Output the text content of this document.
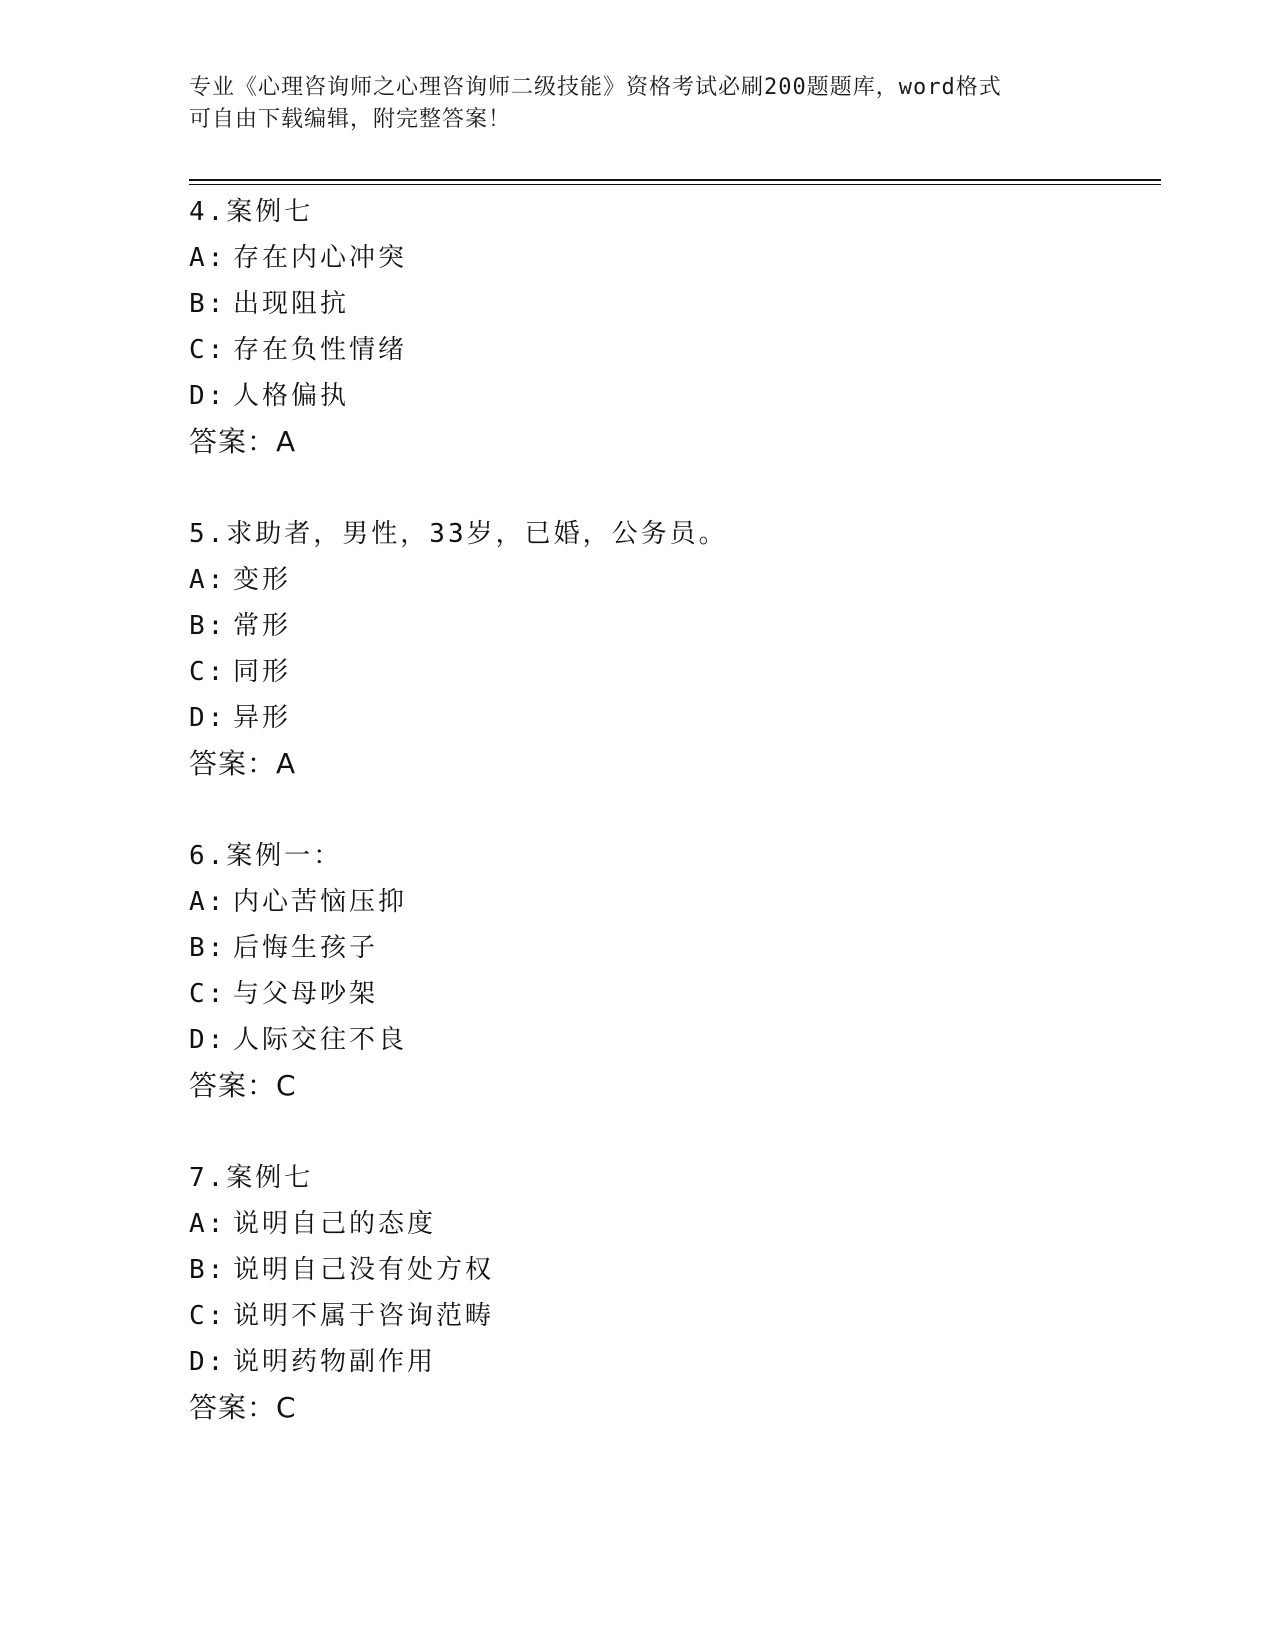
专业《心理咨询师之心理咨询师二级技能》资格考试必刷200题题库，word格式
可自由下载编辑，附完整答案！
4.案例七
A: 存在内心冲突
B: 出现阻抗
C: 存在负性情绪
D: 人格偏执
答案：A
5.求助者，男性，33岁，已婚，公务员。
A: 变形
B: 常形
C: 同形
D: 异形
答案：A
6.案例一：
A: 内心苦恼压抑
B: 后悔生孩子
C: 与父母吵架
D: 人际交往不良
答案：C
7.案例七
A: 说明自己的态度
B: 说明自己没有处方权
C: 说明不属于咨询范畴
D: 说明药物副作用
答案：C
